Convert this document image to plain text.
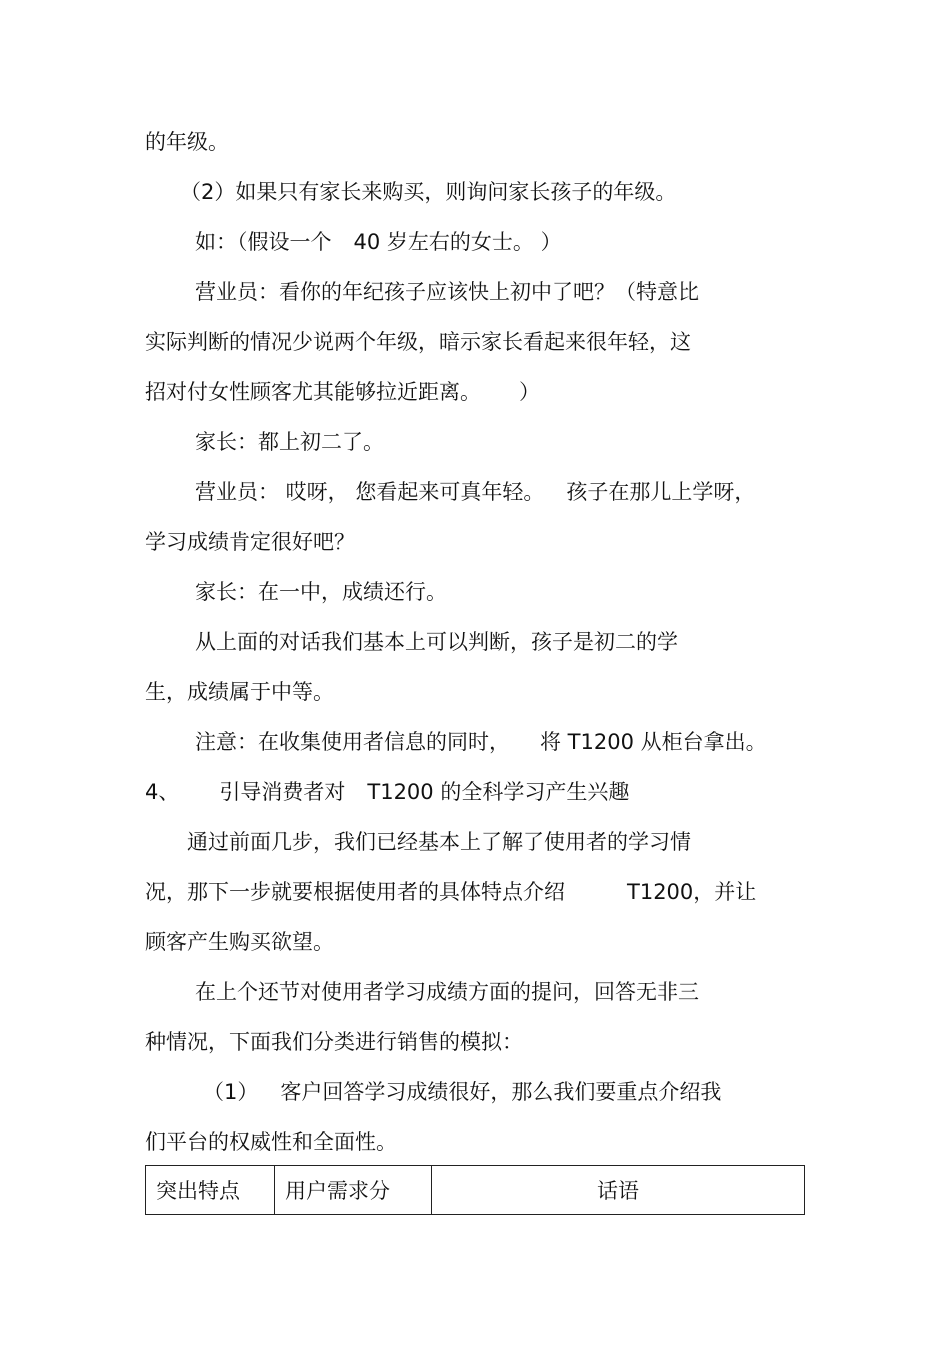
的年级。
（2）如果只有家长来购买，则询问家长孩子的年级。
如：（假设一个 40 岁左右的女士。 ）
营业员：看你的年纪孩子应该快上初中了吧？（特意比
实际判断的情况少说两个年级，暗示家长看起来很年轻，这
招对付女性顾客尤其能够拉近距离。 ）
家长：都上初二了。
营业员： 哎呀， 您看起来可真年轻。 孩子在那儿上学呀，
学习成绩肯定很好吧？
家长：在一中，成绩还行。
从上面的对话我们基本上可以判断，孩子是初二的学
生，成绩属于中等。
注意：在收集使用者信息的同时， 将 T1200 从柜台拿出。
4、 引导消费者对 T1200 的全科学习产生兴趣
通过前面几步，我们已经基本上了解了使用者的学习情
况，那下一步就要根据使用者的具体特点介绍	T1200，并让
顾客产生购买欲望。
在上个还节对使用者学习成绩方面的提问，回答无非三
种情况，下面我们分类进行销售的模拟：
（1） 客户回答学习成绩很好，那么我们要重点介绍我
们平台的权威性和全面性。
突出特点	用户需求分	话语
